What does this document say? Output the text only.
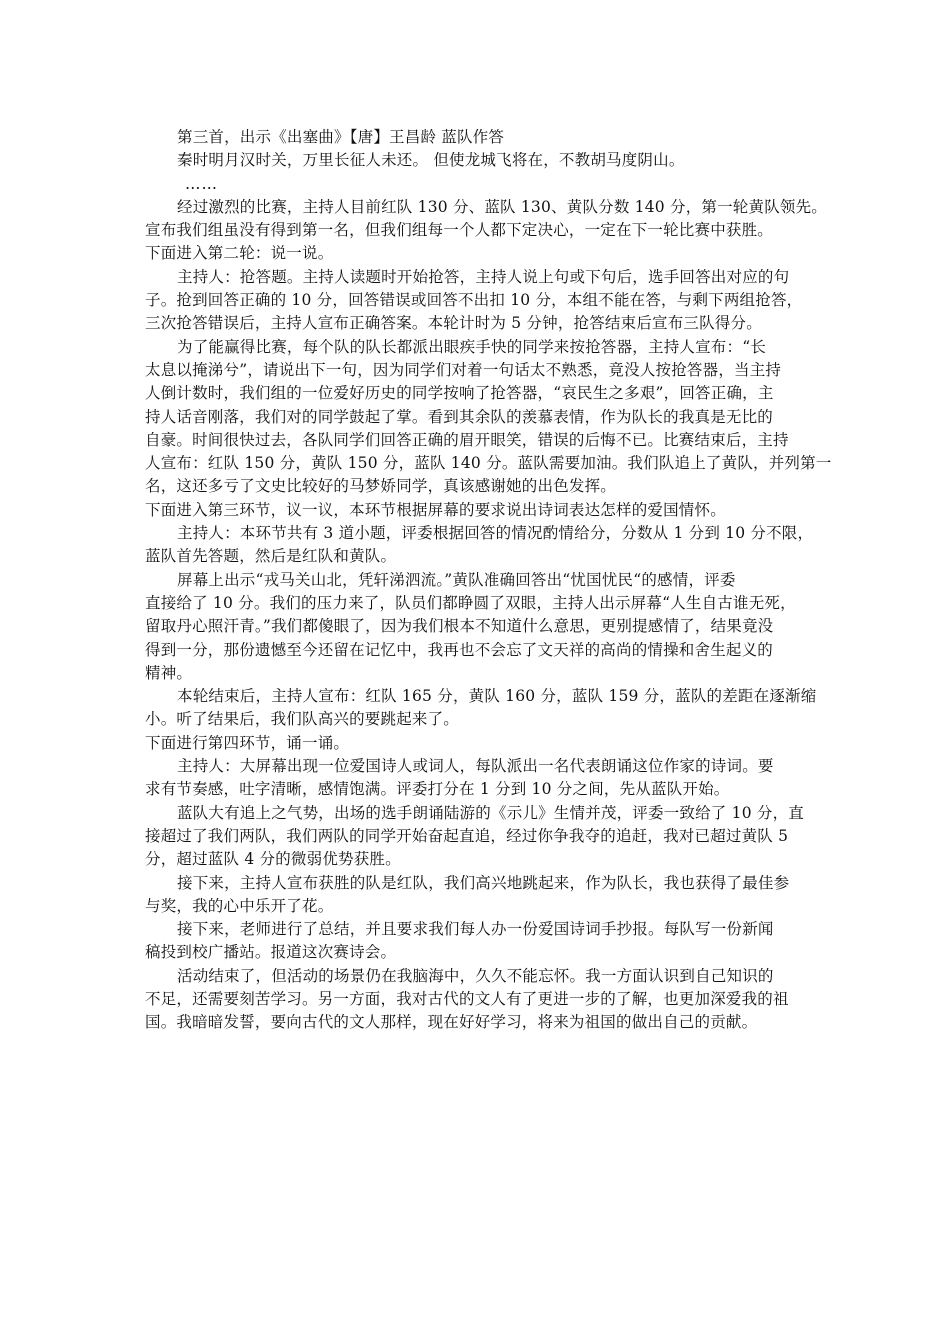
第三首，出示《出塞曲》【唐】王昌龄 蓝队作答

秦时明月汉时关，万里长征人未还。 但使龙城飞将在，不教胡马度阴山。

……

经过激烈的比赛，主持人目前红队 130 分、蓝队 130、黄队分数 140 分，第一轮黄队领先。

宣布我们组虽没有得到第一名，但我们组每一个人都下定决心，一定在下一轮比赛中获胜。

下面进入第二轮：说一说。

主持人：抢答题。主持人读题时开始抢答，主持人说上句或下句后，选手回答出对应的句

子。抢到回答正确的 10 分，回答错误或回答不出扣 10 分，本组不能在答，与剩下两组抢答，

三次抢答错误后，主持人宣布正确答案。本轮计时为 5 分钟，抢答结束后宣布三队得分。

为了能赢得比赛，每个队的队长都派出眼疾手快的同学来按抢答器，主持人宣布：“长

太息以掩涕兮”，请说出下一句，因为同学们对着一句话太不熟悉，竟没人按抢答器，当主持

人倒计数时，我们组的一位爱好历史的同学按响了抢答器，“哀民生之多艰”，回答正确，主

持人话音刚落，我们对的同学鼓起了掌。看到其余队的羡慕表情，作为队长的我真是无比的

自豪。时间很快过去，各队同学们回答正确的眉开眼笑，错误的后悔不已。比赛结束后，主持

人宣布：红队 150 分，黄队 150 分，蓝队 140 分。蓝队需要加油。我们队追上了黄队，并列第一

名，这还多亏了文史比较好的马梦娇同学，真该感谢她的出色发挥。

下面进入第三环节，议一议，本环节根据屏幕的要求说出诗词表达怎样的爱国情怀。

主持人：本环节共有 3 道小题，评委根据回答的情况酌情给分，分数从 1 分到 10 分不限，

蓝队首先答题，然后是红队和黄队。

屏幕上出示“戎马关山北，凭轩涕泗流。”黄队准确回答出“忧国忧民“的感情，评委

直接给了 10 分。我们的压力来了，队员们都睁圆了双眼，主持人出示屏幕“人生自古谁无死，

留取丹心照汗青。”我们都傻眼了，因为我们根本不知道什么意思，更别提感情了，结果竟没

得到一分，那份遗憾至今还留在记忆中，我再也不会忘了文天祥的高尚的情操和舍生起义的

精神。

本轮结束后，主持人宣布：红队 165 分，黄队 160 分，蓝队 159 分，蓝队的差距在逐渐缩

小。听了结果后，我们队高兴的要跳起来了。

下面进行第四环节，诵一诵。

主持人：大屏幕出现一位爱国诗人或词人，每队派出一名代表朗诵这位作家的诗词。要

求有节奏感，吐字清晰，感情饱满。评委打分在 1 分到 10 分之间，先从蓝队开始。

蓝队大有追上之气势，出场的选手朗诵陆游的《示儿》生情并茂，评委一致给了 10 分，直

接超过了我们两队，我们两队的同学开始奋起直追，经过你争我夺的追赶，我对已超过黄队 5

分，超过蓝队 4 分的微弱优势获胜。

接下来，主持人宣布获胜的队是红队，我们高兴地跳起来，作为队长，我也获得了最佳参

与奖，我的心中乐开了花。

接下来，老师进行了总结，并且要求我们每人办一份爱国诗词手抄报。每队写一份新闻

稿投到校广播站。报道这次赛诗会。

活动结束了，但活动的场景仍在我脑海中，久久不能忘怀。我一方面认识到自己知识的

不足，还需要刻苦学习。另一方面，我对古代的文人有了更进一步的了解，也更加深爱我的祖

国。我暗暗发誓，要向古代的文人那样，现在好好学习，将来为祖国的做出自己的贡献。
